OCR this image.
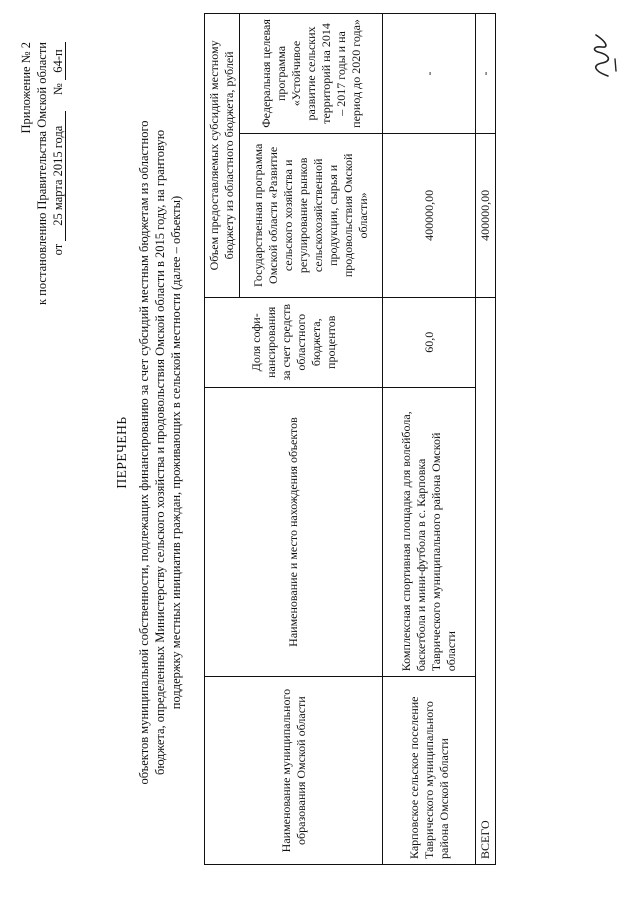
Приложение № 2 к постановлению Правительства Омской области от 25 марта 2015 года     № 64-п
ПЕРЕЧЕНЬ объектов муниципальной собственности, подлежащих финансированию за счет субсидий местным бюджетам из областного бюджета, определенных Министерству сельского хозяйства и продовольствия Омской области в 2015 году, на грантовую поддержку местных инициатив граждан, проживающих в сельской местности (далее – объекты)
Наименование муниципального образования Омской области	Наименование и место нахождения объектов	Доля софи-нансирования за счет средств областного бюджета, процентов	Объем предоставляемых субсидий местному бюджету из областного бюджета, рублей	
			Государственная программа Омской области «Развитие сельского хозяйства и регулирование рынков сельскохозяйственной продукции, сырья и продовольствия Омской области»	Федеральная целевая программа «Устойчивое развитие сельских территорий на 2014 – 2017 годы и на период до 2020 года»
Карповское сельское поселение Таврического муниципального района Омской области	Комплексная спортивная площадка для волейбола, баскетбола и мини-футбола в с. Карповка Таврического муниципального района Омской области	60,0	400000,00	-
ВСЕГО			400000,00	-
